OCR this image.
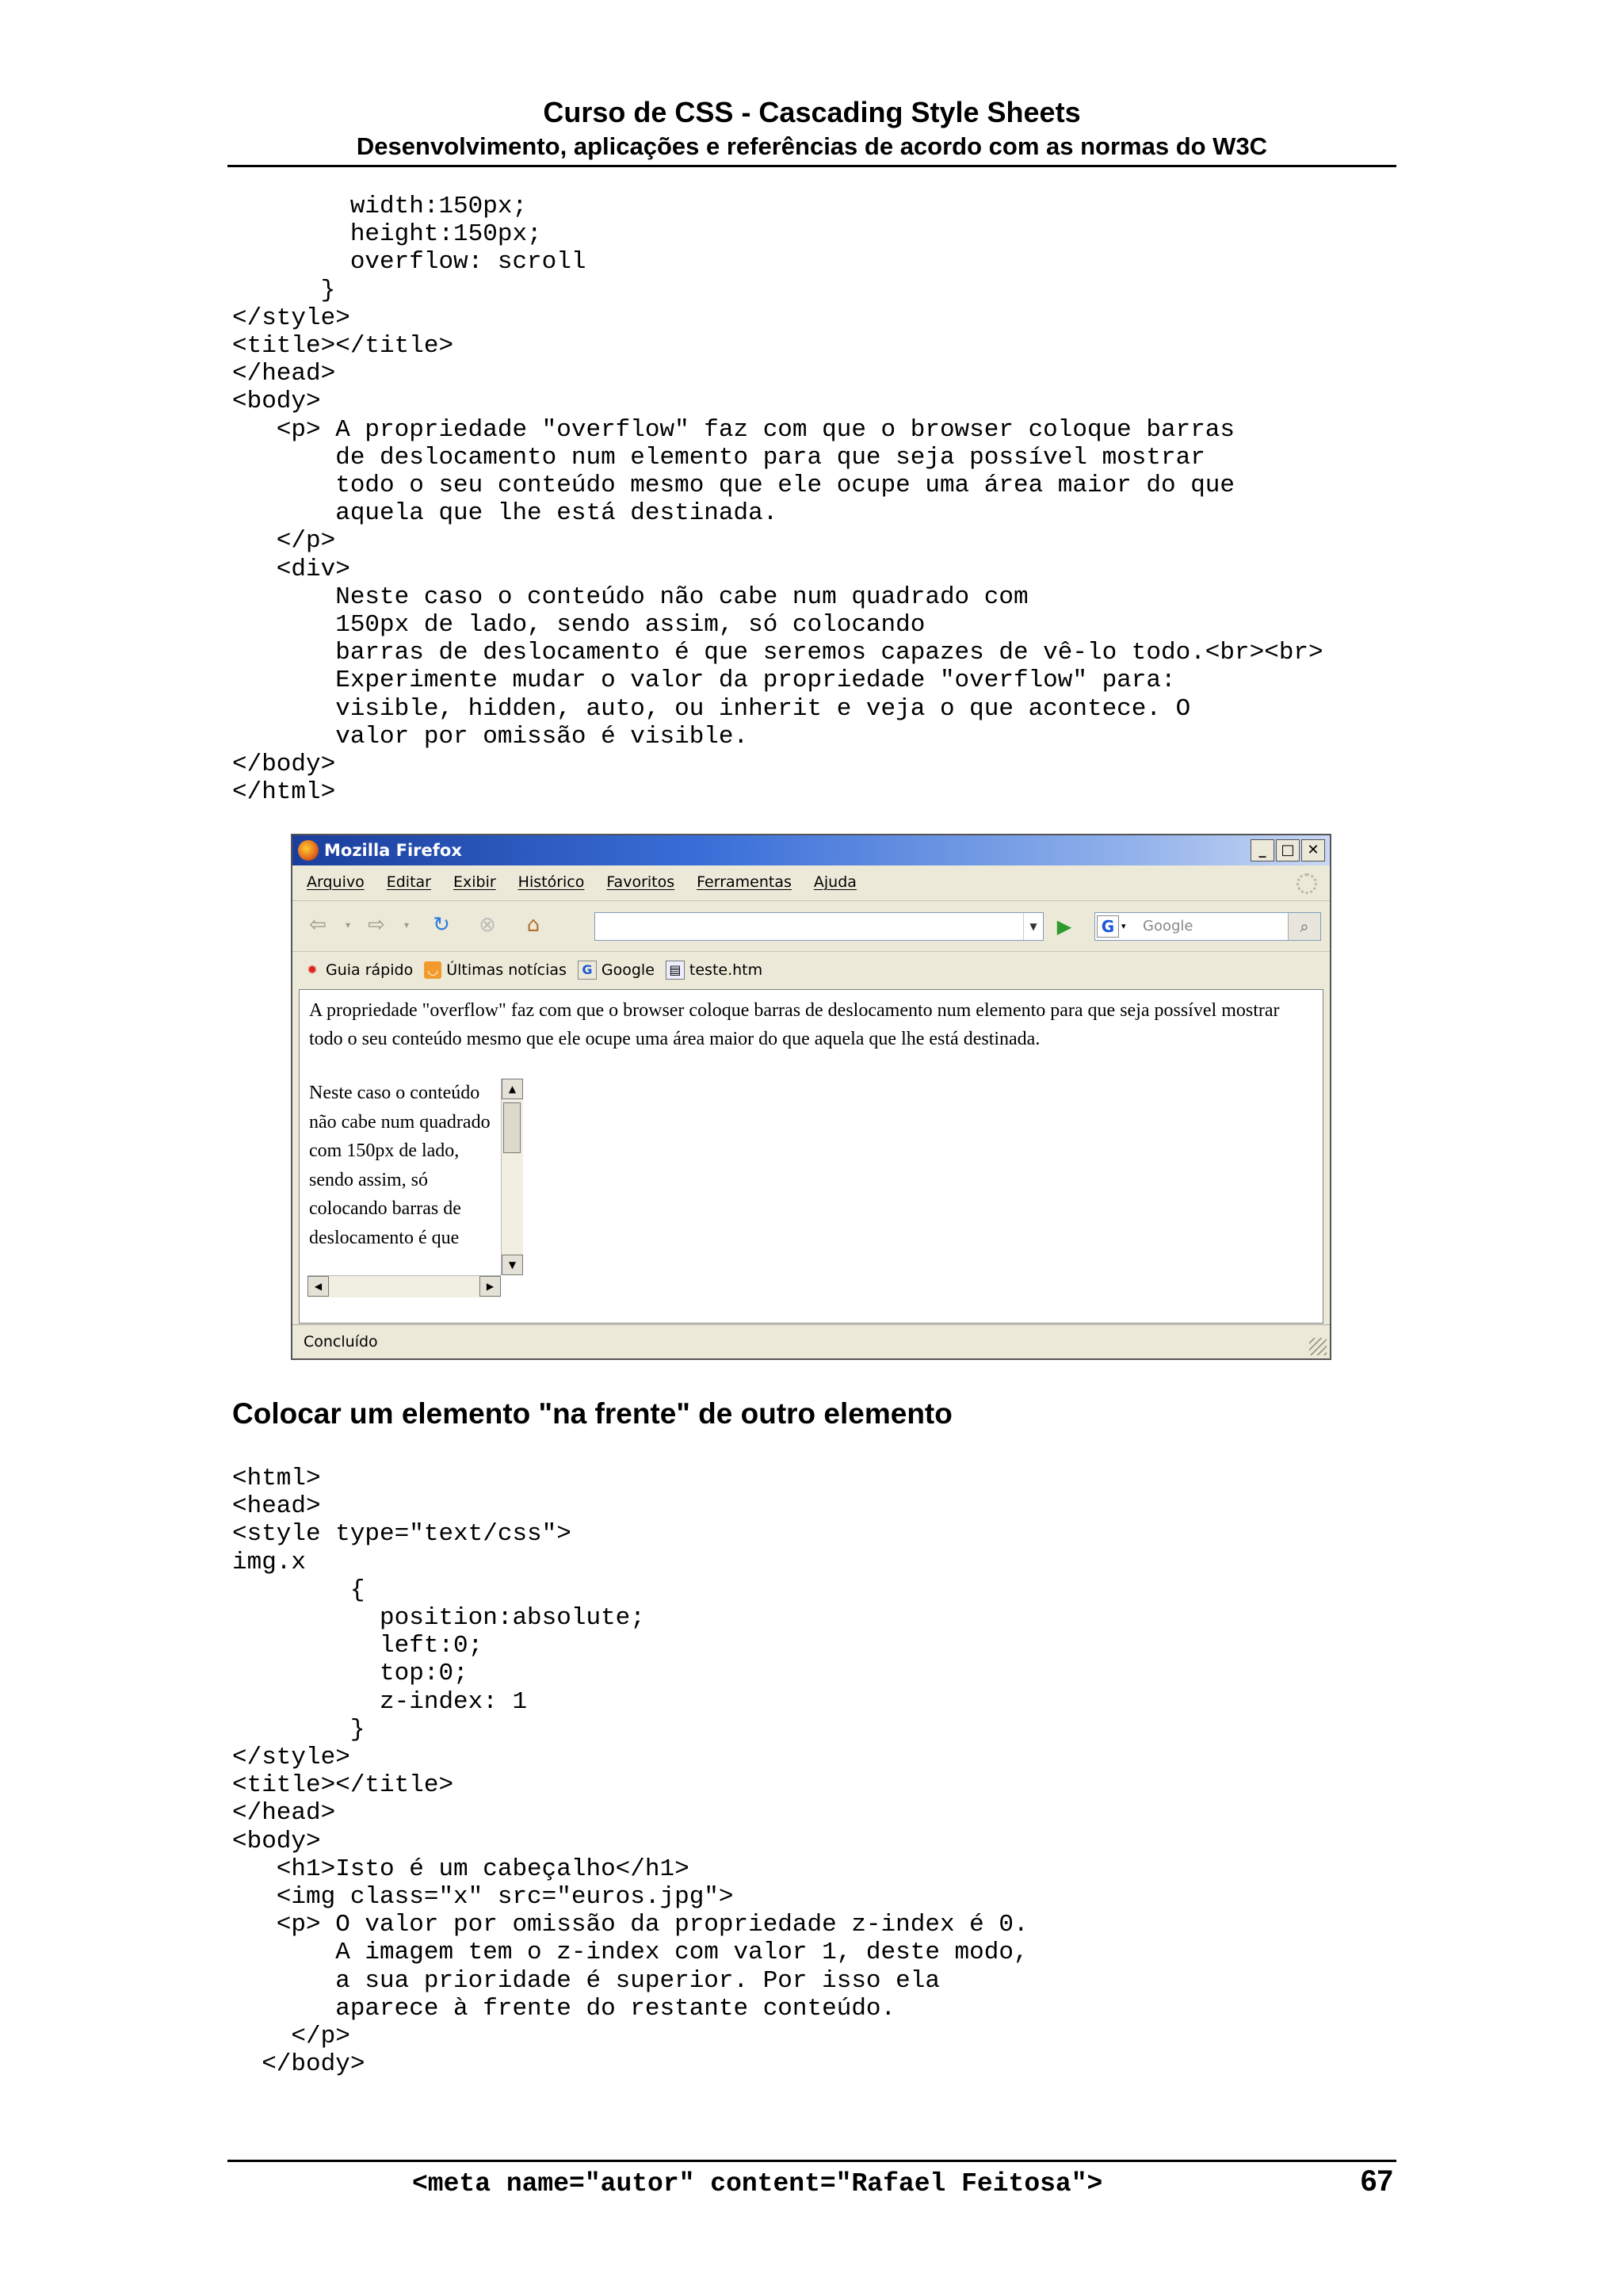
Curso de CSS - Cascading Style Sheets
Desenvolvimento, aplicações e referências de acordo com as normas do W3C
width:150px;
height:150px;
overflow: scroll
}
</style>
<title></title>
</head>
<body>
<p> A propriedade "overflow" faz com que o browser coloque barras
de deslocamento num elemento para que seja possível mostrar
todo o seu conteúdo mesmo que ele ocupe uma área maior do que
aquela que lhe está destinada.
</p>
<div>
Neste caso o conteúdo não cabe num quadrado com
150px de lado, sendo assim, só colocando
barras de deslocamento é que seremos capazes de vê-lo todo.<br><br>
Experimente mudar o valor da propriedade "overflow" para:
visible, hidden, auto, ou inherit e veja o que acontece. O
valor por omissão é visible.
</body>
</html>
Mozilla Firefox	_	□ ✕
Arquivo Editar Exibir Histórico Favoritos Ferramentas Ajuda
⇦	▾ ⇨	▾	↻	⊗	⌂	▼	▶	G ▾ Google	⌕
✹ Guia rápido ◡ Últimas notícias	G Google ▤ teste.htm
A propriedade "overflow" faz com que o browser coloque barras de deslocamento num elemento para que seja possível mostrar todo o seu conteúdo mesmo que ele ocupe uma área maior do que aquela que lhe está destinada.
Neste caso o conteúdo não cabe num quadrado com 150px de lado, sendo assim, só colocando barras de deslocamento é que
▲
▼
◀	▶
Concluído
Colocar um elemento "na frente" de outro elemento
<html>
<head>
<style type="text/css">
img.x
{
position:absolute;
left:0;
top:0;
z-index: 1
}
</style>
<title></title>
</head>
<body>
<h1>Isto é um cabeçalho</h1>
<img class="x" src="euros.jpg">
<p> O valor por omissão da propriedade z-index é 0.
A imagem tem o z-index com valor 1, deste modo,
a sua prioridade é superior. Por isso ela
aparece à frente do restante conteúdo.
</p>
</body>
<meta name="autor" content="Rafael Feitosa">	67
